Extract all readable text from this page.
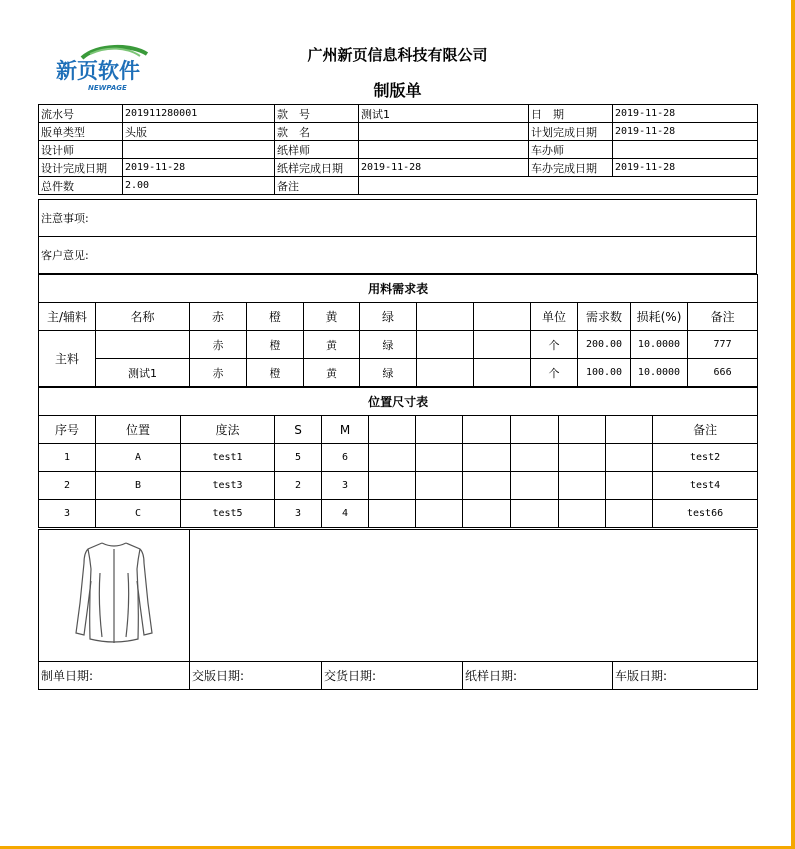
新页软件
NEWPAGE
广州新页信息科技有限公司
制版单
流水号	201911280001	款　号	测试1	日　期	2019-11-28
版单类型	头版	款　名		计划完成日期	2019-11-28
设计师		纸样师		车办师	
设计完成日期	2019-11-28	纸样完成日期	2019-11-28	车办完成日期	2019-11-28
总件数	2.00	备注			
注意事项:
客户意见:
用料需求表											
主/辅料	名称	赤	橙	黄	绿			单位	需求数	损耗(%)	备注
主料		赤	橙	黄	绿			个	200.00	10.0000	777
	测试1	赤	橙	黄	绿			个	100.00	10.0000	666
位置尺寸表											
序号	位置	度法	S	M							备注
1	A	test1	5	6							test2
2	B	test3	2	3							test4
3	C	test5	3	4							test66

制单日期:	交版日期:	交货日期:	纸样日期:	车版日期:
